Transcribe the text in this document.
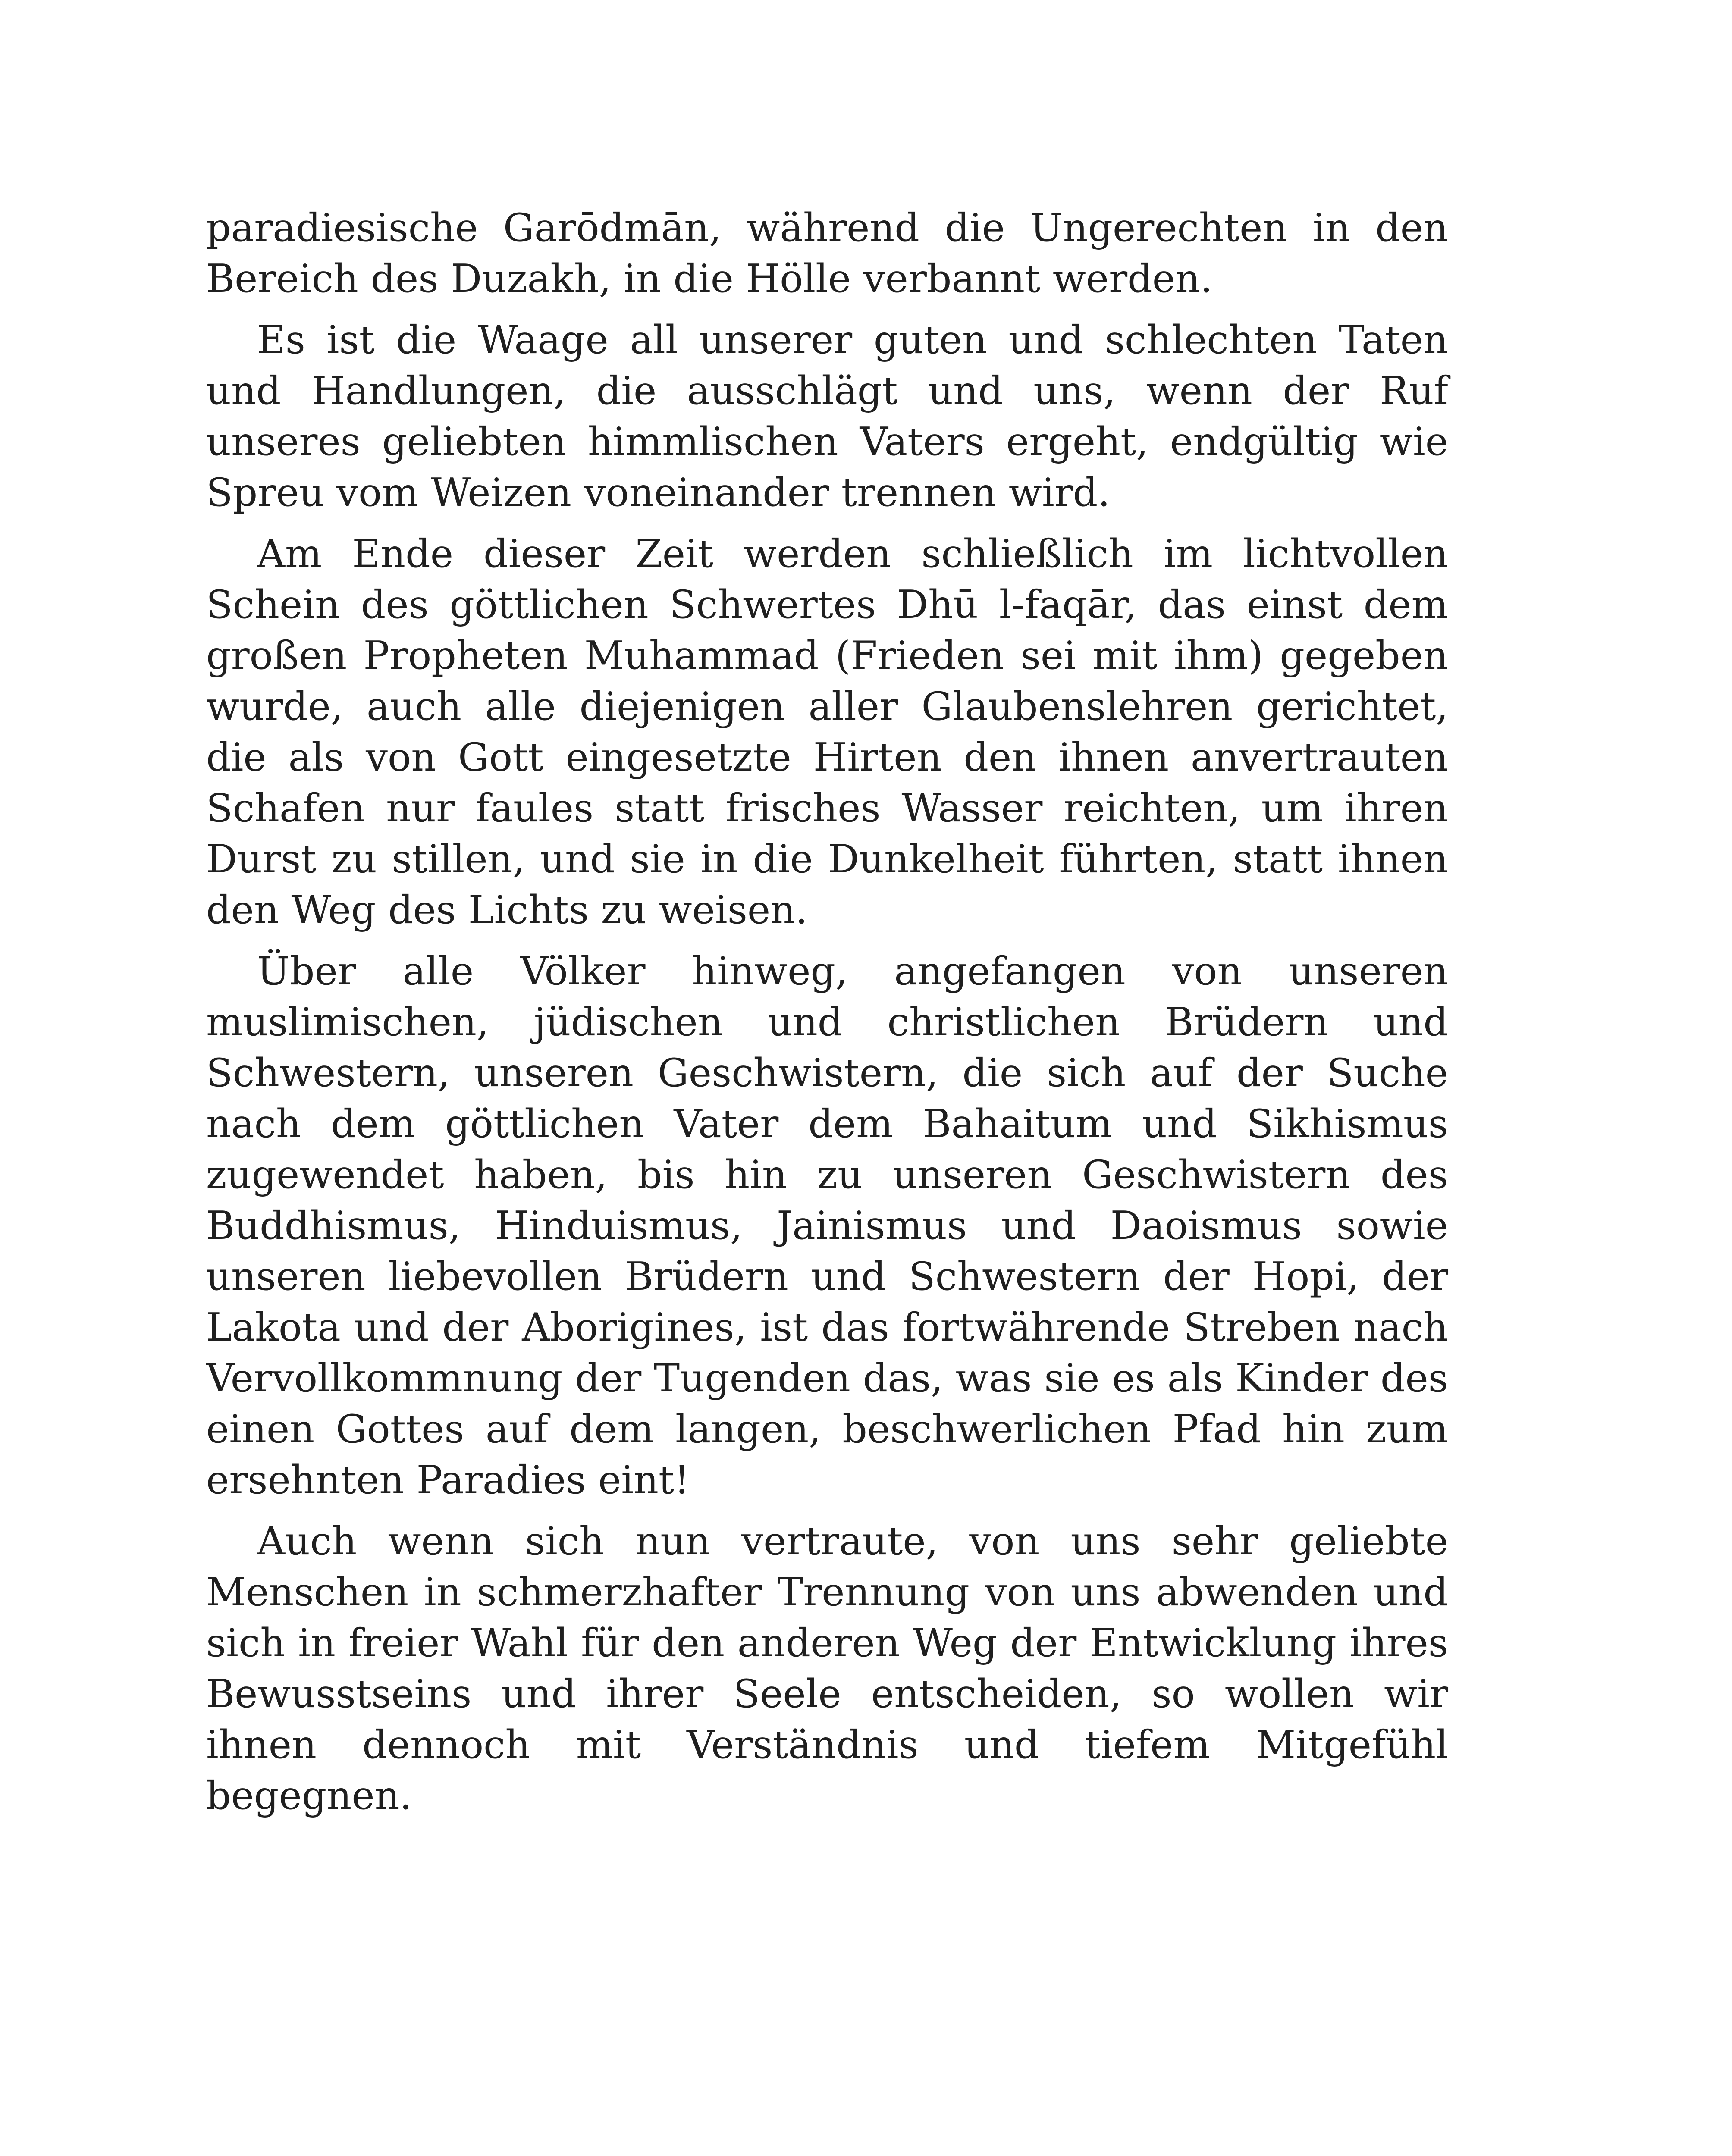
paradiesische Garōdmān, während die Ungerechten in den Bereich des Duzakh, in die Hölle verbannt werden.

Es ist die Waage all unserer guten und schlechten Taten und Handlungen, die ausschlägt und uns, wenn der Ruf unseres geliebten himmlischen Vaters ergeht, endgültig wie Spreu vom Weizen voneinander trennen wird.

Am Ende dieser Zeit werden schließlich im lichtvollen Schein des göttlichen Schwertes Dhū l-faqār, das einst dem großen Propheten Muhammad (Frieden sei mit ihm) gegeben wurde, auch alle diejenigen aller Glaubenslehren gerichtet, die als von Gott eingesetzte Hirten den ihnen anvertrauten Schafen nur faules statt frisches Wasser reichten, um ihren Durst zu stillen, und sie in die Dunkelheit führten, statt ihnen den Weg des Lichts zu weisen.

Über alle Völker hinweg, angefangen von unseren muslimischen, jüdischen und christlichen Brüdern und Schwestern, unseren Geschwistern, die sich auf der Suche nach dem göttlichen Vater dem Bahaitum und Sikhismus zugewendet haben, bis hin zu unseren Geschwistern des Buddhismus, Hinduismus, Jainismus und Daoismus sowie unseren liebevollen Brüdern und Schwestern der Hopi, der Lakota und der Aborigines, ist das fortwährende Streben nach Vervollkommnung der Tugenden das, was sie es als Kinder des einen Gottes auf dem langen, beschwerlichen Pfad hin zum ersehnten Paradies eint!

Auch wenn sich nun vertraute, von uns sehr geliebte Menschen in schmerzhafter Trennung von uns abwenden und sich in freier Wahl für den anderen Weg der Entwicklung ihres Bewusstseins und ihrer Seele entscheiden, so wollen wir ihnen dennoch mit Verständnis und tiefem Mitgefühl begegnen.
